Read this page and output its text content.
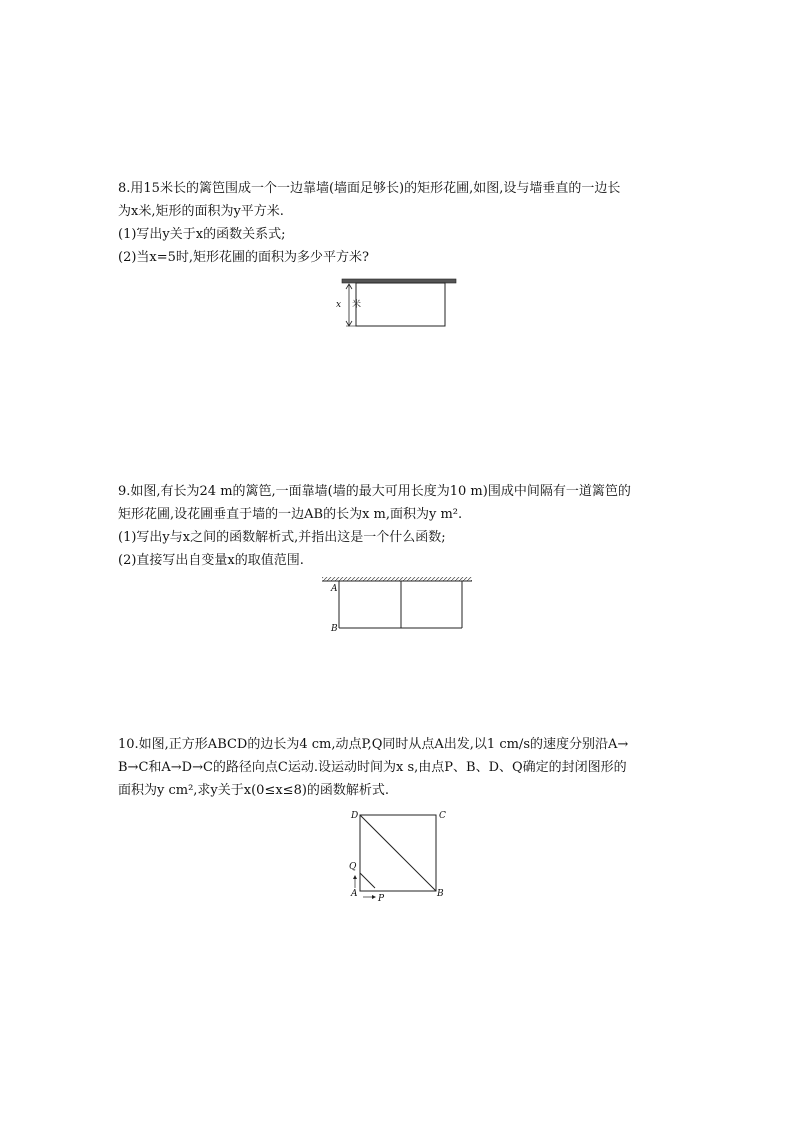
8.用15米长的篱笆围成一个一边靠墙(墙面足够长)的矩形花圃,如图,设与墙垂直的一边长

为x米,矩形的面积为y平方米.

(1)写出y关于x的函数关系式;

(2)当x=5时,矩形花圃的面积为多少平方米?

x 米

9.如图,有长为24 m的篱笆,一面靠墙(墙的最大可用长度为10 m)围成中间隔有一道篱笆的

矩形花圃,设花圃垂直于墙的一边AB的长为x m,面积为y m².

(1)写出y与x之间的函数解析式,并指出这是一个什么函数;

(2)直接写出自变量x的取值范围.

A
B

10.如图,正方形ABCD的边长为4 cm,动点P,Q同时从点A出发,以1 cm/s的速度分别沿A→

B→C和A→D→C的路径向点C运动.设运动时间为x s,由点P、B、D、Q确定的封闭图形的

面积为y cm²,求y关于x(0≤x≤8)的函数解析式.

D	C
Q
A	B
P
